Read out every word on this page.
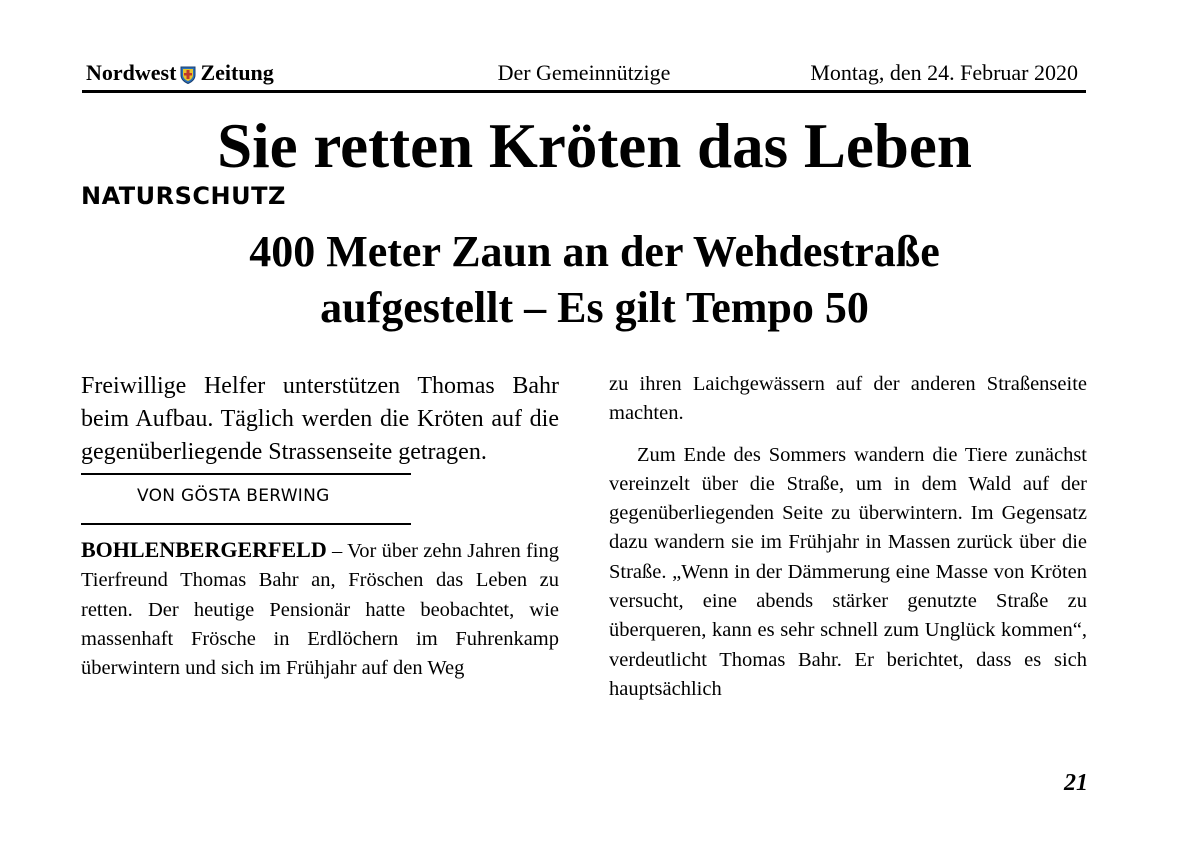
Nordwest Zeitung	Der Gemeinnützige	Montag, den 24. Februar 2020
Sie retten Kröten das Leben
NATURSCHUTZ
400 Meter Zaun an der Wehdestraße
aufgestellt – Es gilt Tempo 50

Freiwillige Helfer unterstützen Thomas Bahr beim Aufbau. Täglich werden die Kröten auf die gegenüberliegende Strassenseite getragen.

VON GÖSTA BERWING

BOHLENBERGERFELD – Vor über zehn Jahren fing Tierfreund Thomas Bahr an, Fröschen das Leben zu retten. Der heutige Pensionär hatte beobachtet, wie massenhaft Frösche in Erdlöchern im Fuhrenkamp überwintern und sich im Frühjahr auf den Weg

zu ihren Laichgewässern auf der anderen Straßenseite machten.

Zum Ende des Sommers wandern die Tiere zunächst vereinzelt über die Straße, um in dem Wald auf der gegenüberliegenden Seite zu überwintern. Im Gegensatz dazu wandern sie im Frühjahr in Massen zurück über die Straße. „Wenn in der Dämmerung eine Masse von Kröten versucht, eine abends stärker genutzte Straße zu überqueren, kann es sehr schnell zum Unglück kommen“, verdeutlicht Thomas Bahr. Er berichtet, dass es sich hauptsächlich

21
